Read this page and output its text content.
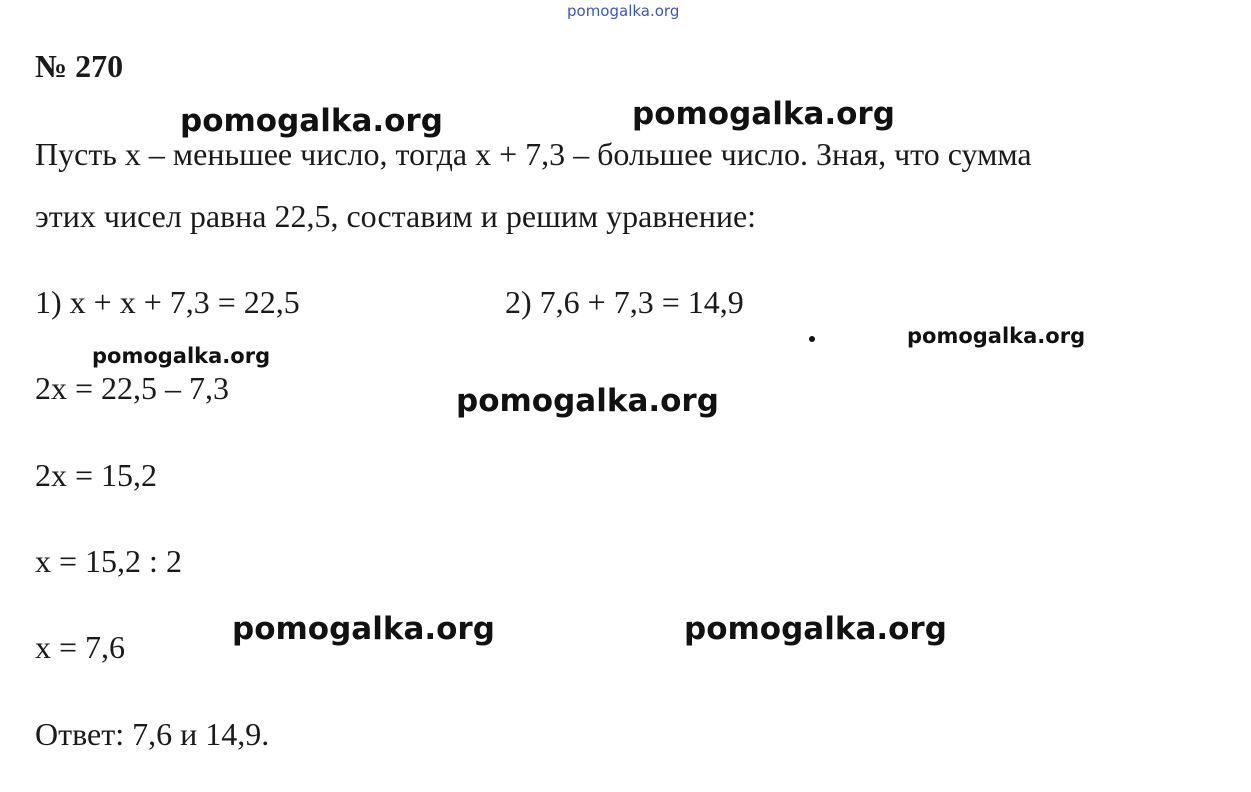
pomogalka.org
№ 270
Пусть x – меньшее число, тогда x + 7,3 – большее число. Зная, что сумма
этих чисел равна 22,5, составим и решим уравнение:
1) x + x + 7,3 = 22,5	2) 7,6 + 7,3 = 14,9
2x = 22,5 – 7,3
2x = 15,2
x = 15,2 : 2
x = 7,6
Ответ: 7,6 и 14,9.
pomogalka.org	pomogalka.org
pomogalka.org
pomogalka.org
pomogalka.org
pomogalka.org	pomogalka.org
